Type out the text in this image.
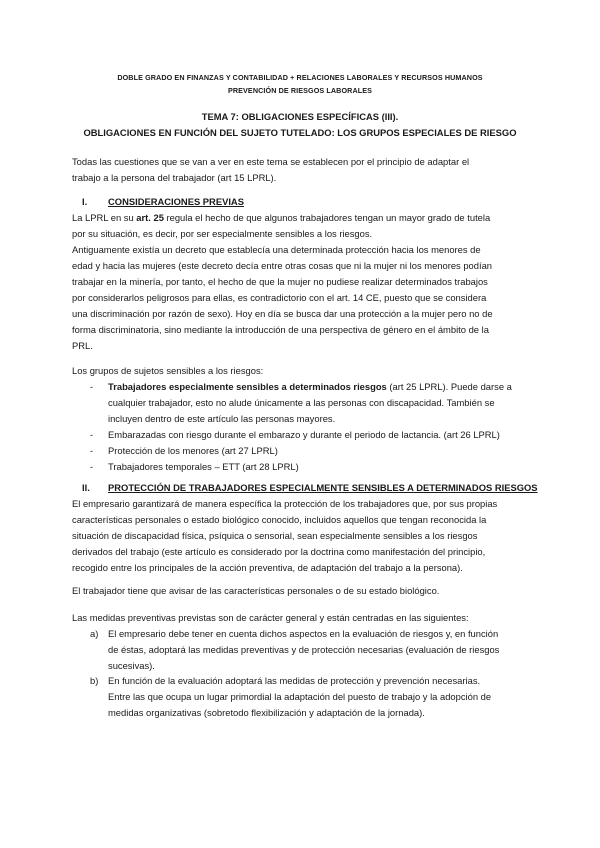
DOBLE GRADO EN FINANZAS Y CONTABILIDAD + RELACIONES LABORALES Y RECURSOS HUMANOS
PREVENCIÓN DE RIESGOS LABORALES
TEMA 7: OBLIGACIONES ESPECÍFICAS (III).
OBLIGACIONES EN FUNCIÓN DEL SUJETO TUTELADO: LOS GRUPOS ESPECIALES DE RIESGO
Todas las cuestiones que se van a ver en este tema se establecen por el principio de adaptar el
trabajo a la persona del trabajador (art 15 LPRL).
I. CONSIDERACIONES PREVIAS
La LPRL en su art. 25 regula el hecho de que algunos trabajadores tengan un mayor grado de tutela
por su situación, es decir, por ser especialmente sensibles a los riesgos.
Antiguamente existía un decreto que establecía una determinada protección hacia los menores de
edad y hacia las mujeres (este decreto decía entre otras cosas que ni la mujer ni los menores podían
trabajar en la minería, por tanto, el hecho de que la mujer no pudiese realizar determinados trabajos
por considerarlos peligrosos para ellas, es contradictorio con el art. 14 CE, puesto que se considera
una discriminación por razón de sexo). Hoy en día se busca dar una protección a la mujer pero no de
forma discriminatoria, sino mediante la introducción de una perspectiva de género en el ámbito de la
PRL.
Los grupos de sujetos sensibles a los riesgos:
- Trabajadores especialmente sensibles a determinados riesgos (art 25 LPRL). Puede darse a
cualquier trabajador, esto no alude únicamente a las personas con discapacidad. También se
incluyen dentro de este artículo las personas mayores.
- Embarazadas con riesgo durante el embarazo y durante el periodo de lactancia. (art 26 LPRL)
- Protección de los menores (art 27 LPRL)
- Trabajadores temporales – ETT (art 28 LPRL)
II. PROTECCIÓN DE TRABAJADORES ESPECIALMENTE SENSIBLES A DETERMINADOS RIESGOS
El empresario garantizará de manera específica la protección de los trabajadores que, por sus propias
características personales o estado biológico conocido, incluidos aquellos que tengan reconocida la
situación de discapacidad física, psíquica o sensorial, sean especialmente sensibles a los riesgos
derivados del trabajo (este artículo es considerado por la doctrina como manifestación del principio,
recogido entre los principales de la acción preventiva, de adaptación del trabajo a la persona).
El trabajador tiene que avisar de las características personales o de su estado biológico.
Las medidas preventivas previstas son de carácter general y están centradas en las siguientes:
a) El empresario debe tener en cuenta dichos aspectos en la evaluación de riesgos y, en función
de éstas, adoptará las medidas preventivas y de protección necesarias (evaluación de riesgos
sucesivas).
b) En función de la evaluación adoptará las medidas de protección y prevención necesarias.
Entre las que ocupa un lugar primordial la adaptación del puesto de trabajo y la adopción de
medidas organizativas (sobretodo flexibilización y adaptación de la jornada).
